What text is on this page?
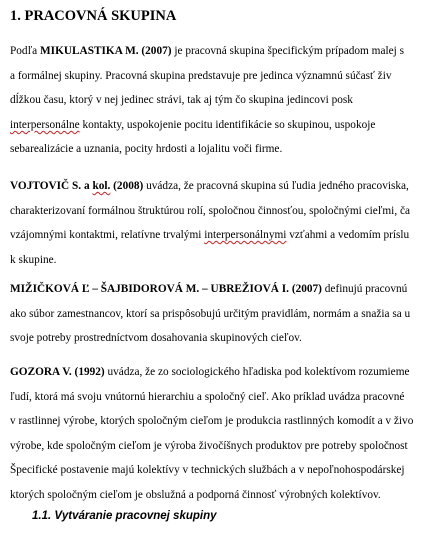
1. PRACOVNÁ SKUPINA

Podľa MIKULASTIKA M. (2007) je pracovná skupina špecifickým prípadom malej s

a formálnej skupiny. Pracovná skupina predstavuje pre jedinca významnú súčasť živ

dĺžkou času, ktorý v nej jedinec strávi, tak aj tým čo skupina jedincovi posk

interpersonálne kontakty, uspokojenie pocitu identifikácie so skupinou, uspokoje

sebarealizácie a uznania, pocity hrdosti a lojalitu voči firme.

VOJTOVIČ S. a kol. (2008) uvádza, že pracovná skupina sú ľudia jedného pracoviska,

charakterizovaní formálnou štruktúrou rolí, spoločnou činnosťou, spoločnými cieľmi, ča

vzájomnými kontaktmi, relatívne trvalými interpersonálnymi vzťahmi a vedomím príslu

k skupine.

MIŽIČKOVÁ Ľ – ŠAJBIDOROVÁ M. – UBREŽIOVÁ I. (2007) definujú pracovnú

ako súbor zamestnancov, ktorí sa prispôsobujú určitým pravidlám, normám a snažia sa u

svoje potreby prostredníctvom dosahovania skupinových cieľov.

GOZORA V. (1992) uvádza, že zo sociologického hľadiska pod kolektívom rozumieme

ľudí, ktorá má svoju vnútornú hierarchiu a spoločný cieľ. Ako príklad uvádza pracovné

v rastlinnej výrobe, ktorých spoločným cieľom je produkcia rastlinných komodít a v živo

výrobe, kde spoločným cieľom je výroba živočíšnych produktov pre potreby spoločnost

Špecifické postavenie majú kolektívy v technických službách a v nepoľnohospodárskej

ktorých spoločným cieľom je obslužná a podporná činnosť výrobných kolektívov.

1.1. Vytváranie pracovnej skupiny
